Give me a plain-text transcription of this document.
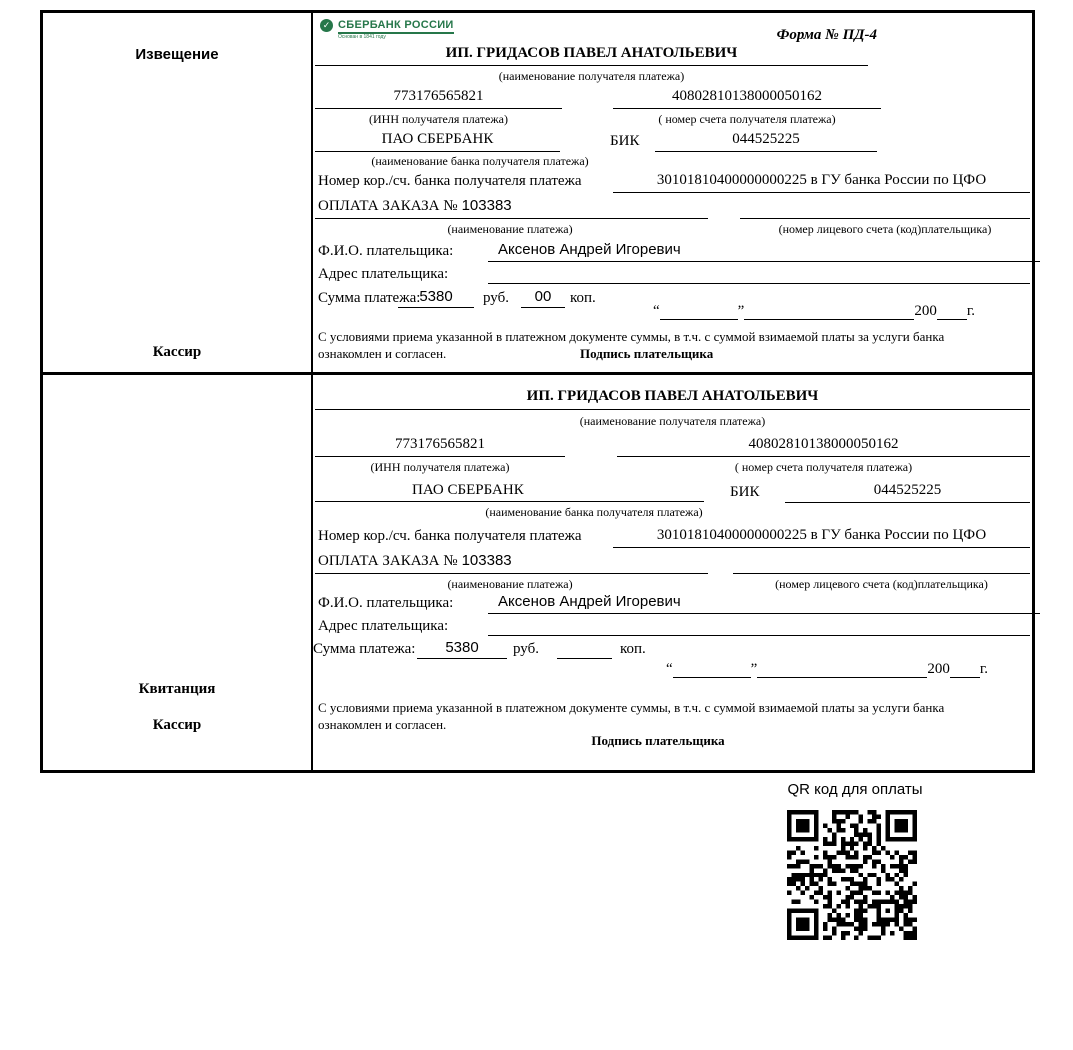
Извещение
Кассир
✓ СБЕРБАНК РОССИИ
Основан в 1841 году	Форма № ПД-4
ИП. ГРИДАСОВ ПАВЕЛ АНАТОЛЬЕВИЧ
(наименование получателя платежа)
773176565821	40802810138000050162
(ИНН получателя платежа)	( номер счета получателя платежа)
ПАО СБЕРБАНК	БИК	044525225
(наименование банка получателя платежа)
Номер кор./сч. банка получателя платежа	30101810400000000225 в ГУ банка России по ЦФО
ОПЛАТА ЗАКАЗА № 103383
(наименование платежа)	(номер лицевого счета (код)плательщика)
Ф.И.О. плательщика:	Аксенов Андрей Игоревич
Адрес плательщика:
Сумма платежа:
5380	руб.	00	коп.
“	”	200 г.
С условиями приема указанной в платежном документе суммы, в т.ч. с суммой взимаемой платы за услуги банка
ознакомлен и согласен.	Подпись плательщика
Квитанция
Кассир
ИП. ГРИДАСОВ ПАВЕЛ АНАТОЛЬЕВИЧ
(наименование получателя платежа)
773176565821	40802810138000050162
(ИНН получателя платежа)	( номер счета получателя платежа)
ПАО СБЕРБАНК	БИК	044525225
(наименование банка получателя платежа)
Номер кор./сч. банка получателя платежа	30101810400000000225 в ГУ банка России по ЦФО
ОПЛАТА ЗАКАЗА № 103383
(наименование платежа)	(номер лицевого счета (код)плательщика)
Ф.И.О. плательщика:	Аксенов Андрей Игоревич
Адрес плательщика:
Сумма платежа:	5380	руб.	коп.
“	”	200 г.
С условиями приема указанной в платежном документе суммы, в т.ч. с суммой взимаемой платы за услуги банка
ознакомлен и согласен.
Подпись плательщика
QR код для оплаты
